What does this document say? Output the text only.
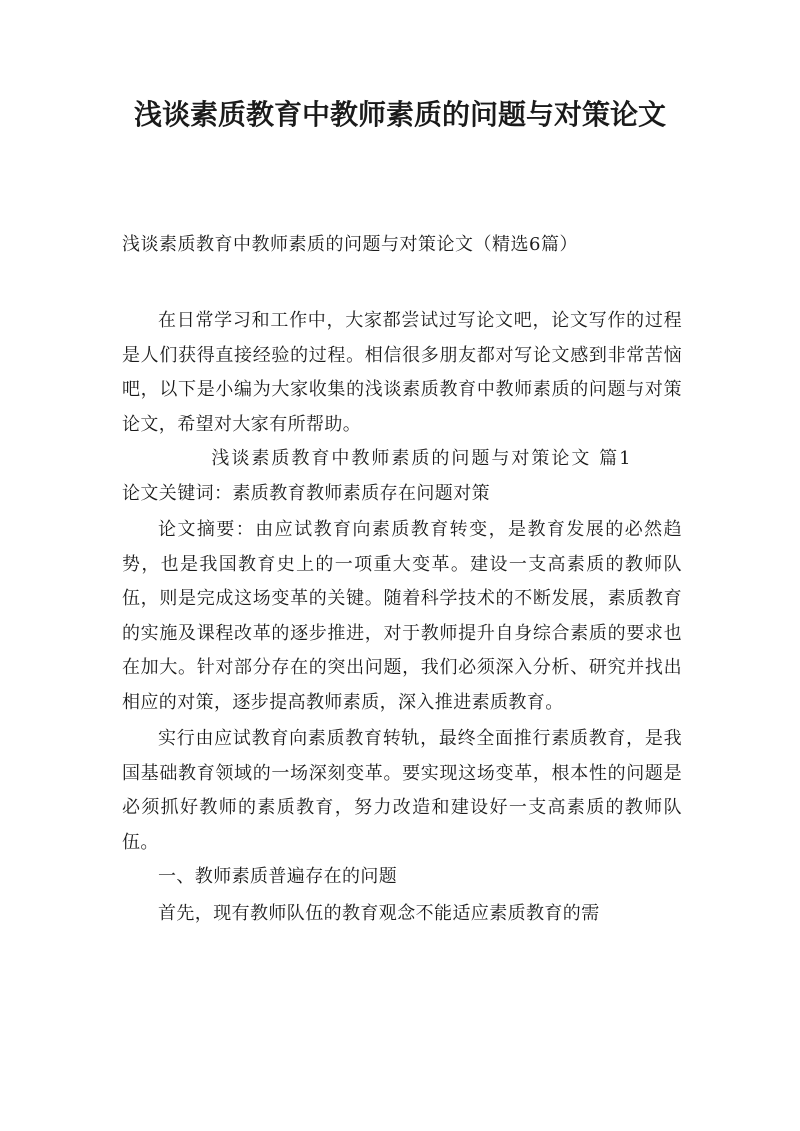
浅谈素质教育中教师素质的问题与对策论文
浅谈素质教育中教师素质的问题与对策论文（精选6篇）

在日常学习和工作中，大家都尝试过写论文吧，论文写作的过程是人们获得直接经验的过程。相信很多朋友都对写论文感到非常苦恼吧，以下是小编为大家收集的浅谈素质教育中教师素质的问题与对策论文，希望对大家有所帮助。

浅谈素质教育中教师素质的问题与对策论文 篇1

论文关键词：素质教育教师素质存在问题对策

论文摘要：由应试教育向素质教育转变，是教育发展的必然趋势，也是我国教育史上的一项重大变革。建设一支高素质的教师队伍，则是完成这场变革的关键。随着科学技术的不断发展，素质教育的实施及课程改革的逐步推进，对于教师提升自身综合素质的要求也在加大。针对部分存在的突出问题，我们必须深入分析、研究并找出相应的对策，逐步提高教师素质，深入推进素质教育。

实行由应试教育向素质教育转轨，最终全面推行素质教育，是我国基础教育领域的一场深刻变革。要实现这场变革，根本性的问题是必须抓好教师的素质教育，努力改造和建设好一支高素质的教师队伍。

一、教师素质普遍存在的问题

首先，现有教师队伍的教育观念不能适应素质教育的需
